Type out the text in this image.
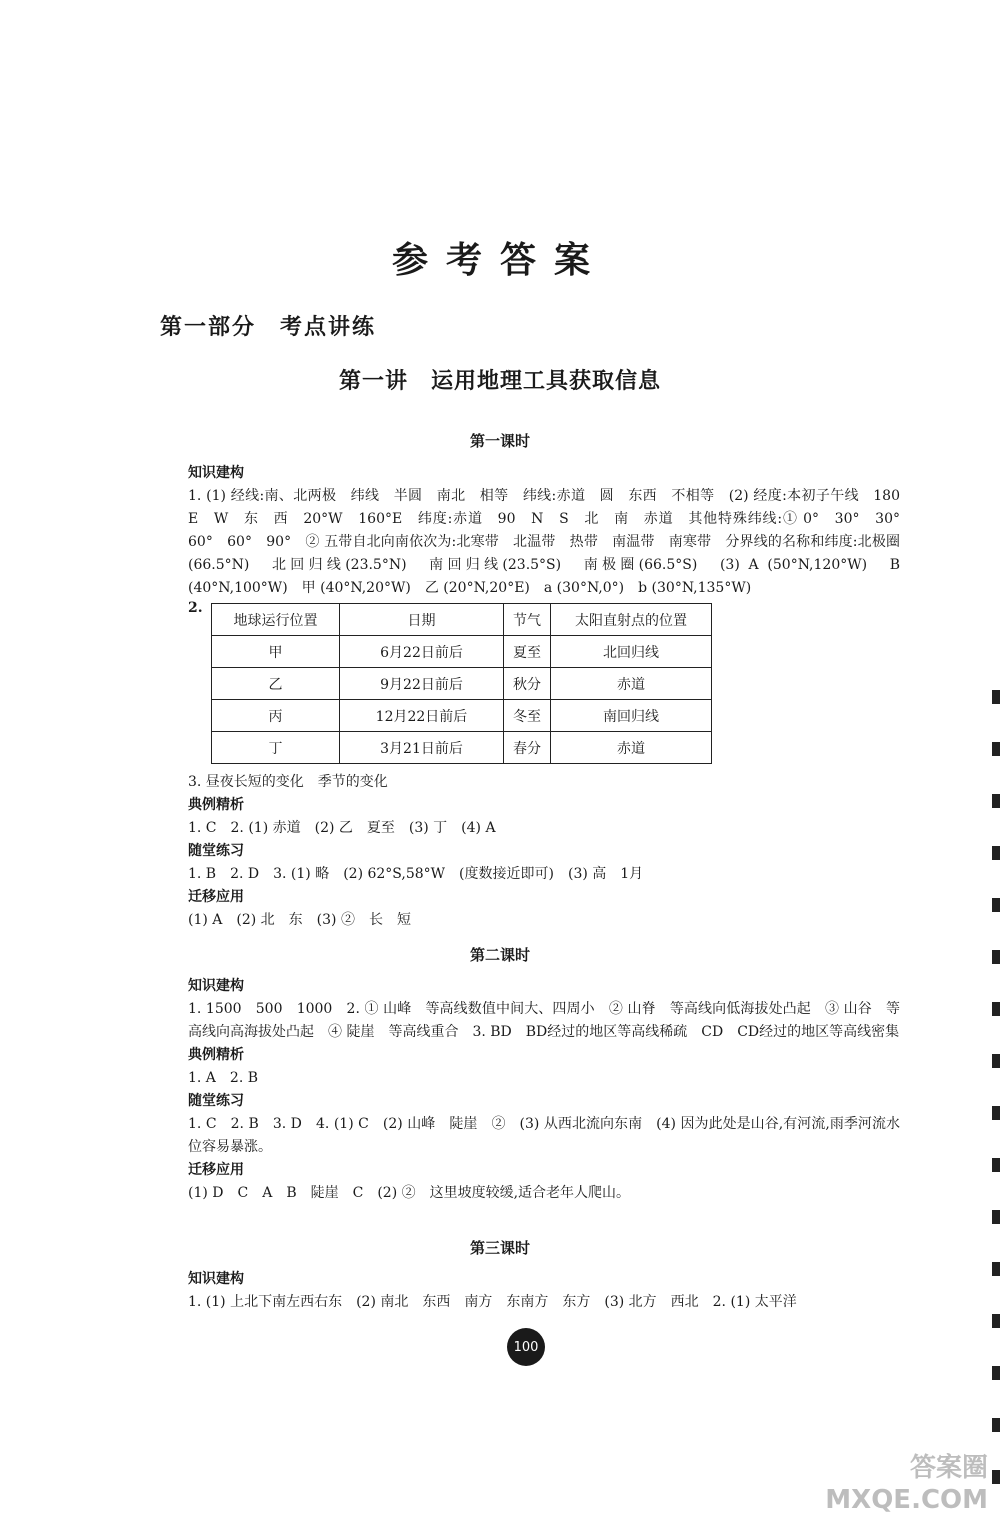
参考答案
第一部分　考点讲练
第一讲　运用地理工具获取信息
第一课时
知识建构
1. (1) 经线:南、北两极　纬线　半圆　南北　相等　纬线:赤道　圆　东西　不相等　(2) 经度:本初子午线　180　E　W　东　西　20°W　160°E　纬度:赤道　90　N　S　北　南　赤道　其他特殊纬线:① 0°　30°　30°　60°　60°　90°　② 五带自北向南依次为:北寒带　北温带　热带　南温带　南寒带　分界线的名称和纬度:北极圈(66.5°N)　北回归线(23.5°N)　南回归线(23.5°S)　南极圈(66.5°S)　(3) A (50°N,120°W)　B (40°N,100°W)　甲 (40°N,20°W)　乙 (20°N,20°E)　a (30°N,0°)　b (30°N,135°W)
2.
地球运行位置	日期	节气	太阳直射点的位置
甲	6月22日前后	夏至	北回归线
乙	9月22日前后	秋分	赤道
丙	12月22日前后	冬至	南回归线
丁	3月21日前后	春分	赤道
3. 昼夜长短的变化　季节的变化
典例精析
1. C　2. (1) 赤道　(2) 乙　夏至　(3) 丁　(4) A
随堂练习
1. B　2. D　3. (1) 略　(2) 62°S,58°W　(度数接近即可)　(3) 高　1月
迁移应用
(1) A　(2) 北　东　(3) ②　长　短
第二课时
知识建构
1. 1500　500　1000　2. ① 山峰　等高线数值中间大、四周小　② 山脊　等高线向低海拔处凸起　③ 山谷　等高线向高海拔处凸起　④ 陡崖　等高线重合　3. BD　BD经过的地区等高线稀疏　CD　CD经过的地区等高线密集
典例精析
1. A　2. B
随堂练习
1. C　2. B　3. D　4. (1) C　(2) 山峰　陡崖　②　(3) 从西北流向东南　(4) 因为此处是山谷,有河流,雨季河流水位容易暴涨。
迁移应用
(1) D　C　A　B　陡崖　C　(2) ②　这里坡度较缓,适合老年人爬山。
第三课时
知识建构
1. (1) 上北下南左西右东　(2) 南北　东西　南方　东南方　东方　(3) 北方　西北　2. (1) 太平洋
100
答案圈
MXQE.COM
